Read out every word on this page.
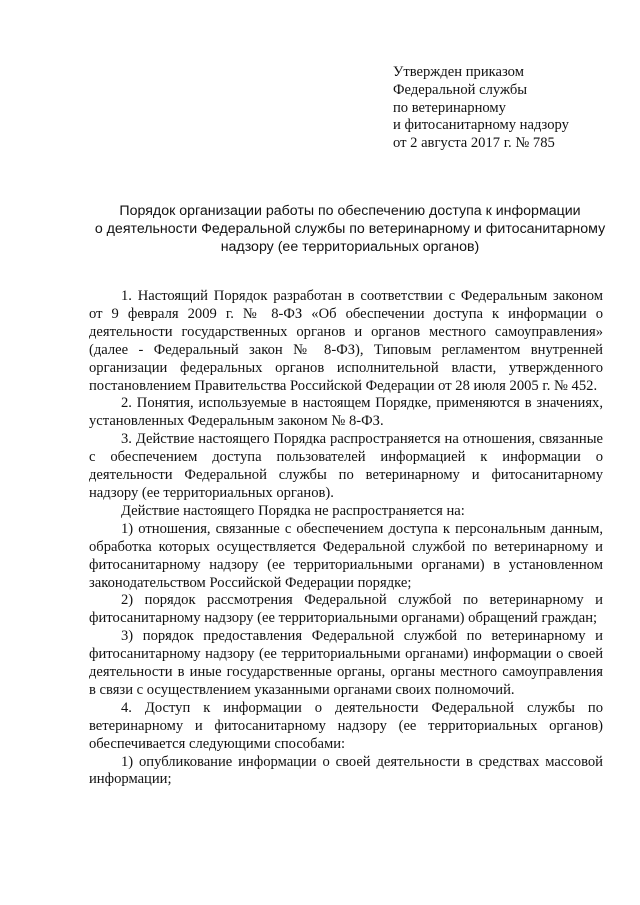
Утвержден приказом
Федеральной службы
по ветеринарному
и фитосанитарному надзору
от 2 августа 2017 г. № 785
Порядок организации работы по обеспечению доступа к информации
о деятельности Федеральной службы по ветеринарному и фитосанитарному
надзору (ее территориальных органов)

1. Настоящий Порядок разработан в соответствии с Федеральным законом от 9 февраля 2009 г. № 8-ФЗ «Об обеспечении доступа к информации о деятельности государственных органов и органов местного самоуправления» (далее - Федеральный закон № 8-ФЗ), Типовым регламентом внутренней организации федеральных органов исполнительной власти, утвержденного постановлением Правительства Российской Федерации от 28 июля 2005 г. № 452.

2. Понятия, используемые в настоящем Порядке, применяются в значениях, установленных Федеральным законом № 8-ФЗ.

3. Действие настоящего Порядка распространяется на отношения, связанные с обеспечением доступа пользователей информацией к информации о деятельности Федеральной службы по ветеринарному и фитосанитарному надзору (ее территориальных органов).

Действие настоящего Порядка не распространяется на:

1) отношения, связанные с обеспечением доступа к персональным данным, обработка которых осуществляется Федеральной службой по ветеринарному и фитосанитарному надзору (ее территориальными органами) в установленном законодательством Российской Федерации порядке;

2) порядок рассмотрения Федеральной службой по ветеринарному и фитосанитарному надзору (ее территориальными органами) обращений граждан;

3) порядок предоставления Федеральной службой по ветеринарному и фитосанитарному надзору (ее территориальными органами) информации о своей деятельности в иные государственные органы, органы местного самоуправления в связи с осуществлением указанными органами своих полномочий.

4. Доступ к информации о деятельности Федеральной службы по ветеринарному и фитосанитарному надзору (ее территориальных органов) обеспечивается следующими способами:

1) опубликование информации о своей деятельности в средствах массовой информации;
